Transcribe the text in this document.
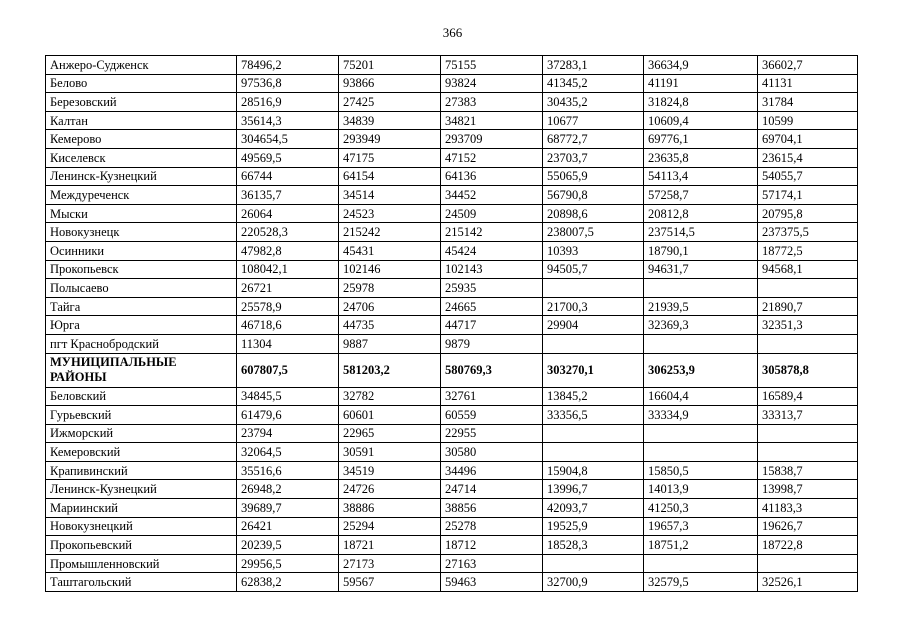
366
Анжеро-Судженск	78496,2	75201	75155	37283,1	36634,9	36602,7
Белово	97536,8	93866	93824	41345,2	41191	41131
Березовский	28516,9	27425	27383	30435,2	31824,8	31784
Калтан	35614,3	34839	34821	10677	10609,4	10599
Кемерово	304654,5	293949	293709	68772,7	69776,1	69704,1
Киселевск	49569,5	47175	47152	23703,7	23635,8	23615,4
Ленинск-Кузнецкий	66744	64154	64136	55065,9	54113,4	54055,7
Междуреченск	36135,7	34514	34452	56790,8	57258,7	57174,1
Мыски	26064	24523	24509	20898,6	20812,8	20795,8
Новокузнецк	220528,3	215242	215142	238007,5	237514,5	237375,5
Осинники	47982,8	45431	45424	10393	18790,1	18772,5
Прокопьевск	108042,1	102146	102143	94505,7	94631,7	94568,1
Полысаево	26721	25978	25935			
Тайга	25578,9	24706	24665	21700,3	21939,5	21890,7
Юрга	46718,6	44735	44717	29904	32369,3	32351,3
пгт Краснобродский	11304	9887	9879			
МУНИЦИПАЛЬНЫЕ РАЙОНЫ	607807,5	581203,2	580769,3	303270,1	306253,9	305878,8
Беловский	34845,5	32782	32761	13845,2	16604,4	16589,4
Гурьевский	61479,6	60601	60559	33356,5	33334,9	33313,7
Ижморский	23794	22965	22955			
Кемеровский	32064,5	30591	30580			
Крапивинский	35516,6	34519	34496	15904,8	15850,5	15838,7
Ленинск-Кузнецкий	26948,2	24726	24714	13996,7	14013,9	13998,7
Мариинский	39689,7	38886	38856	42093,7	41250,3	41183,3
Новокузнецкий	26421	25294	25278	19525,9	19657,3	19626,7
Прокопьевский	20239,5	18721	18712	18528,3	18751,2	18722,8
Промышленновский	29956,5	27173	27163			
Таштагольский	62838,2	59567	59463	32700,9	32579,5	32526,1
